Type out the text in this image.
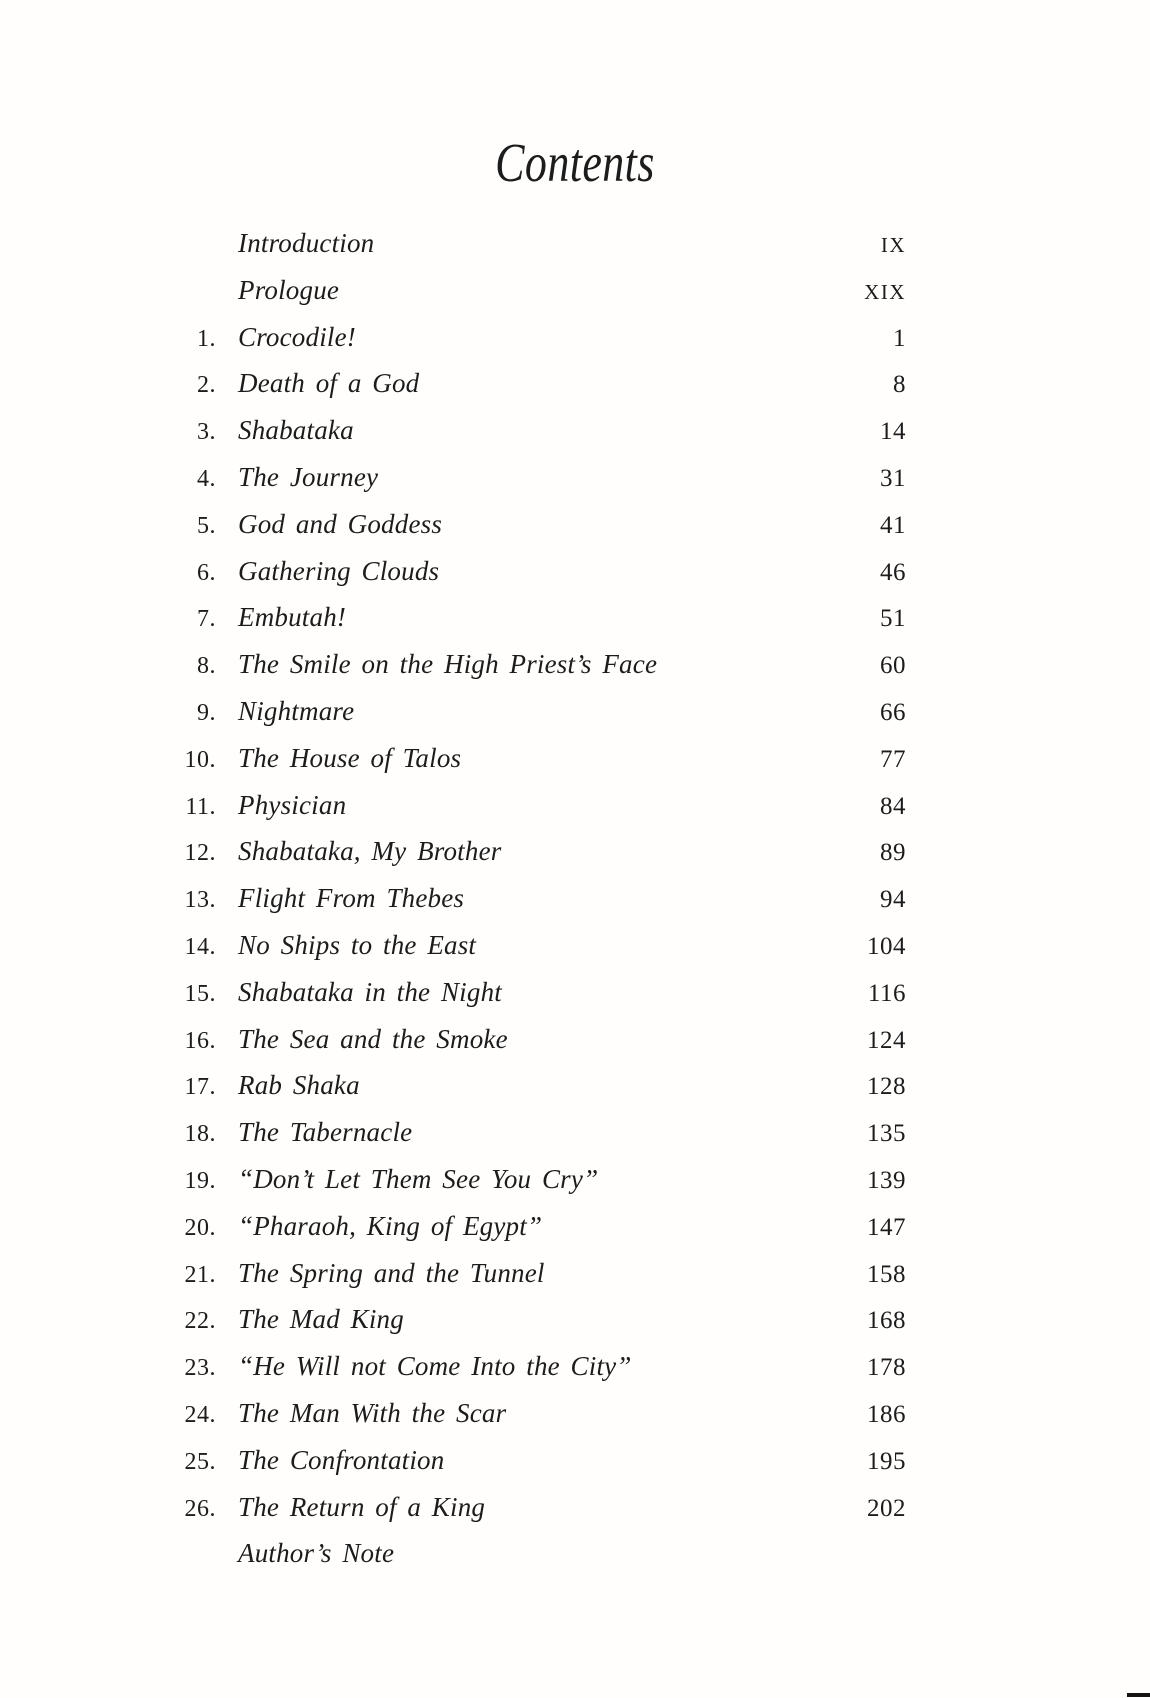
Contents
Introduction	IX
Prologue	XIX
1. Crocodile!	1
2. Death of a God	8
3. Shabataka	14
4. The Journey	31
5. God and Goddess	41
6. Gathering Clouds	46
7. Embutah!	51
8. The Smile on the High Priest’s Face	60
9. Nightmare	66
10. The House of Talos	77
11. Physician	84
12. Shabataka, My Brother	89
13. Flight From Thebes	94
14. No Ships to the East	104
15. Shabataka in the Night	116
16. The Sea and the Smoke	124
17. Rab Shaka	128
18. The Tabernacle	135
19. “Don’t Let Them See You Cry”	139
20. “Pharaoh, King of Egypt”	147
21. The Spring and the Tunnel	158
22. The Mad King	168
23. “He Will not Come Into the City”	178
24. The Man With the Scar	186
25. The Confrontation	195
26. The Return of a King	202
Author’s Note
